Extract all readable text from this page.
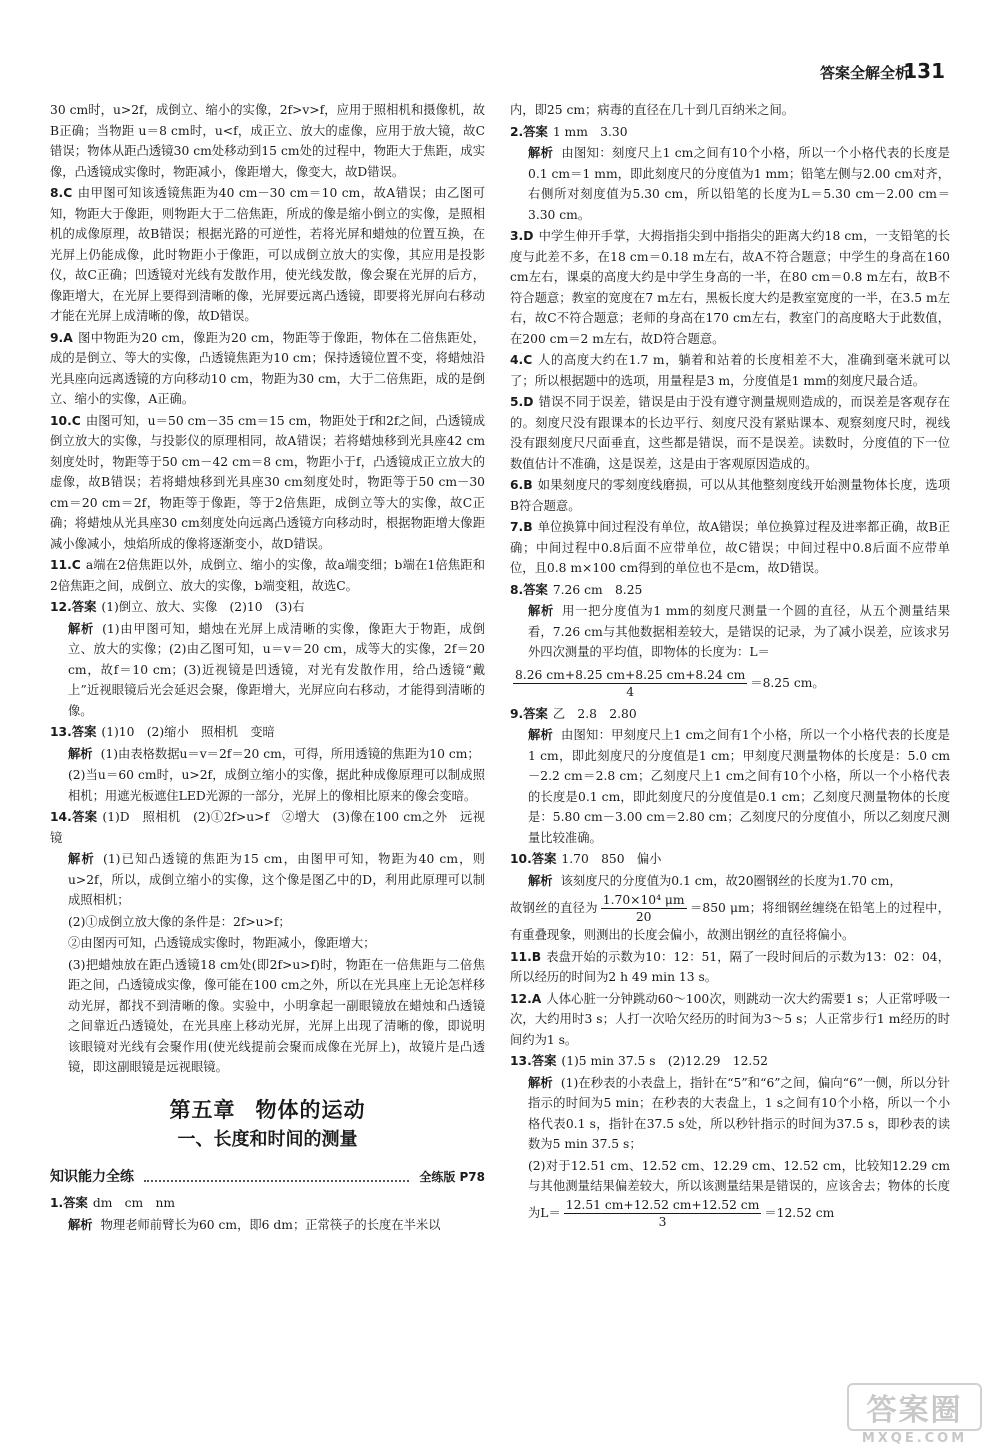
答案全解全析
131

30 cm时，u>2f，成倒立、缩小的实像，2f>v>f，应用于照相机和摄像机，故B正确；当物距 u＝8 cm时，u<f，成正立、放大的虚像，应用于放大镜，故C错误；物体从距凸透镜30 cm处移动到15 cm处的过程中，物距大于焦距，成实像，凸透镜成实像时，物距减小，像距增大，像变大，故D错误。

8.C 由甲图可知该透镜焦距为40 cm－30 cm＝10 cm，故A错误；由乙图可知，物距大于像距，则物距大于二倍焦距，所成的像是缩小倒立的实像，是照相机的成像原理，故B错误；根据光路的可逆性，若将光屏和蜡烛的位置互换，在光屏上仍能成像，此时物距小于像距，可以成倒立放大的实像，其应用是投影仪，故C正确；凹透镜对光线有发散作用，使光线发散，像会聚在光屏的后方，像距增大，在光屏上要得到清晰的像，光屏要远离凸透镜，即要将光屏向右移动才能在光屏上成清晰的像，故D错误。

9.A 图中物距为20 cm，像距为20 cm，物距等于像距，物体在二倍焦距处，成的是倒立、等大的实像，凸透镜焦距为10 cm；保持透镜位置不变，将蜡烛沿光具座向远离透镜的方向移动10 cm，物距为30 cm，大于二倍焦距，成的是倒立、缩小的实像，A正确。

10.C 由图可知，u＝50 cm－35 cm＝15 cm，物距处于f和2f之间，凸透镜成倒立放大的实像，与投影仪的原理相同，故A错误；若将蜡烛移到光具座42 cm刻度处时，物距等于50 cm－42 cm＝8 cm，物距小于f，凸透镜成正立放大的虚像，故B错误；若将蜡烛移到光具座30 cm刻度处时，物距等于50 cm－30 cm＝20 cm＝2f，物距等于像距，等于2倍焦距，成倒立等大的实像，故C正确；将蜡烛从光具座30 cm刻度处向远离凸透镜方向移动时，根据物距增大像距减小像减小，烛焰所成的像将逐渐变小，故D错误。

11.C a端在2倍焦距以外，成倒立、缩小的实像，故a端变细；b端在1倍焦距和2倍焦距之间，成倒立、放大的实像，b端变粗，故选C。

12.答案 (1)倒立、放大、实像　(2)10　(3)右

解析 (1)由甲图可知，蜡烛在光屏上成清晰的实像，像距大于物距，成倒立、放大的实像；(2)由乙图可知，u＝v＝20 cm，成等大的实像，2f＝20 cm，故f＝10 cm；(3)近视镜是凹透镜，对光有发散作用，给凸透镜“戴上”近视眼镜后光会延迟会聚，像距增大，光屏应向右移动，才能得到清晰的像。

13.答案 (1)10　(2)缩小　照相机　变暗

解析 (1)由表格数据u＝v＝2f＝20 cm，可得，所用透镜的焦距为10 cm；

(2)当u＝60 cm时，u>2f，成倒立缩小的实像，据此种成像原理可以制成照相机；用遮光板遮住LED光源的一部分，光屏上的像相比原来的像会变暗。

14.答案 (1)D　照相机　(2)①2f>u>f　②增大　(3)像在100 cm之外　远视镜

解析 (1)已知凸透镜的焦距为15 cm，由图甲可知，物距为40 cm，则u>2f，所以，成倒立缩小的实像，这个像是图乙中的D，利用此原理可以制成照相机；

(2)①成倒立放大像的条件是：2f>u>f；

②由图丙可知，凸透镜成实像时，物距减小，像距增大；

(3)把蜡烛放在距凸透镜18 cm处(即2f>u>f)时，物距在一倍焦距与二倍焦距之间，凸透镜成实像，像可能在100 cm之外，所以在光具座上无论怎样移动光屏，都找不到清晰的像。实验中，小明拿起一副眼镜放在蜡烛和凸透镜之间靠近凸透镜处，在光具座上移动光屏，光屏上出现了清晰的像，即说明该眼镜对光线有会聚作用(使光线提前会聚而成像在光屏上)，故镜片是凸透镜，即这副眼镜是远视眼镜。

第五章 物体的运动
一、长度和时间的测量
知识能力全练	全练版 P78

1.答案 dm　cm　nm

解析 物理老师前臂长为60 cm，即6 dm；正常筷子的长度在半米以

内，即25 cm；病毒的直径在几十到几百纳米之间。

2.答案 1 mm　3.30

解析 由图知：刻度尺上1 cm之间有10个小格，所以一个小格代表的长度是0.1 cm＝1 mm，即此刻度尺的分度值为1 mm；铅笔左侧与2.00 cm对齐，右侧所对刻度值为5.30 cm，所以铅笔的长度为L＝5.30 cm－2.00 cm＝3.30 cm。

3.D 中学生伸开手掌，大拇指指尖到中指指尖的距离大约18 cm，一支铅笔的长度与此差不多，在18 cm＝0.18 m左右，故A不符合题意；中学生的身高在160 cm左右，课桌的高度大约是中学生身高的一半，在80 cm＝0.8 m左右，故B不符合题意；教室的宽度在7 m左右，黑板长度大约是教室宽度的一半，在3.5 m左右，故C不符合题意；老师的身高在170 cm左右，教室门的高度略大于此数值，在200 cm＝2 m左右，故D符合题意。

4.C 人的高度大约在1.7 m，躺着和站着的长度相差不大，准确到毫米就可以了；所以根据题中的选项，用量程是3 m，分度值是1 mm的刻度尺最合适。

5.D 错误不同于误差，错误是由于没有遵守测量规则造成的，而误差是客观存在的。刻度尺没有跟课本的长边平行、刻度尺没有紧贴课本、观察刻度尺时，视线没有跟刻度尺尺面垂直，这些都是错误，而不是误差。读数时，分度值的下一位数值估计不准确，这是误差，这是由于客观原因造成的。

6.B 如果刻度尺的零刻度线磨损，可以从其他整刻度线开始测量物体长度，选项B符合题意。

7.B 单位换算中间过程没有单位，故A错误；单位换算过程及进率都正确，故B正确；中间过程中0.8后面不应带单位，故C错误；中间过程中0.8后面不应带单位，且0.8 m×100 cm得到的单位也不是cm，故D错误。

8.答案 7.26 cm　8.25

解析 用一把分度值为1 mm的刻度尺测量一个圆的直径，从五个测量结果看，7.26 cm与其他数据相差较大，是错误的记录，为了减小误差，应该求另外四次测量的平均值，即物体的长度为：L＝

$\frac{8.26 cm+8.25 cm+8.25 cm+8.24 cm}{4} =8.25$ cm。

9.答案 乙　2.8　2.80

解析 由图知：甲刻度尺上1 cm之间有1个小格，所以一个小格代表的长度是1 cm，即此刻度尺的分度值是1 cm；甲刻度尺测量物体的长度是：5.0 cm－2.2 cm＝2.8 cm；乙刻度尺上1 cm之间有10个小格，所以一个小格代表的长度是0.1 cm，即此刻度尺的分度值是0.1 cm；乙刻度尺测量物体的长度是：5.80 cm－3.00 cm＝2.80 cm；乙刻度尺的分度值小，所以乙刻度尺测量比较准确。

10.答案 1.70　850　偏小

解析 该刻度尺的分度值为0.1 cm，故20圈钢丝的长度为1.70 cm，

故钢丝的直径为 $\frac{\text{1.70×10⁴ μm}}{20} =850$ μm；将细钢丝缠绕在铅笔上的过程中，有重叠现象，则测出的长度会偏小，故测出钢丝的直径将偏小。

11.B 表盘开始的示数为10：12：51，隔了一段时间后的示数为13：02：04，所以经历的时间为2 h 49 min 13 s。

12.A 人体心脏一分钟跳动60～100次，则跳动一次大约需要1 s；人正常呼吸一次，大约用时3 s；人打一次哈欠经历的时间为3～5 s；人正常步行1 m经历的时间约为1 s。

13.答案 (1)5 min 37.5 s　(2)12.29　12.52

解析 (1)在秒表的小表盘上，指针在“5”和“6”之间，偏向“6”一侧，所以分针指示的时间为5 min；在秒表的大表盘上，1 s之间有10个小格，所以一个小格代表0.1 s，指针在37.5 s处，所以秒针指示的时间为37.5 s，即秒表的读数为5 min 37.5 s；

(2)对于12.51 cm、12.52 cm、12.29 cm、12.52 cm，比较知12.29 cm与其他测量结果偏差较大，所以该测量结果是错误的，应该舍去；物体的长度为$L= \frac{12.51 cm+12.52 cm+12.52 cm}{3} =12.52$ cm

答案圈
MXQE.COM
